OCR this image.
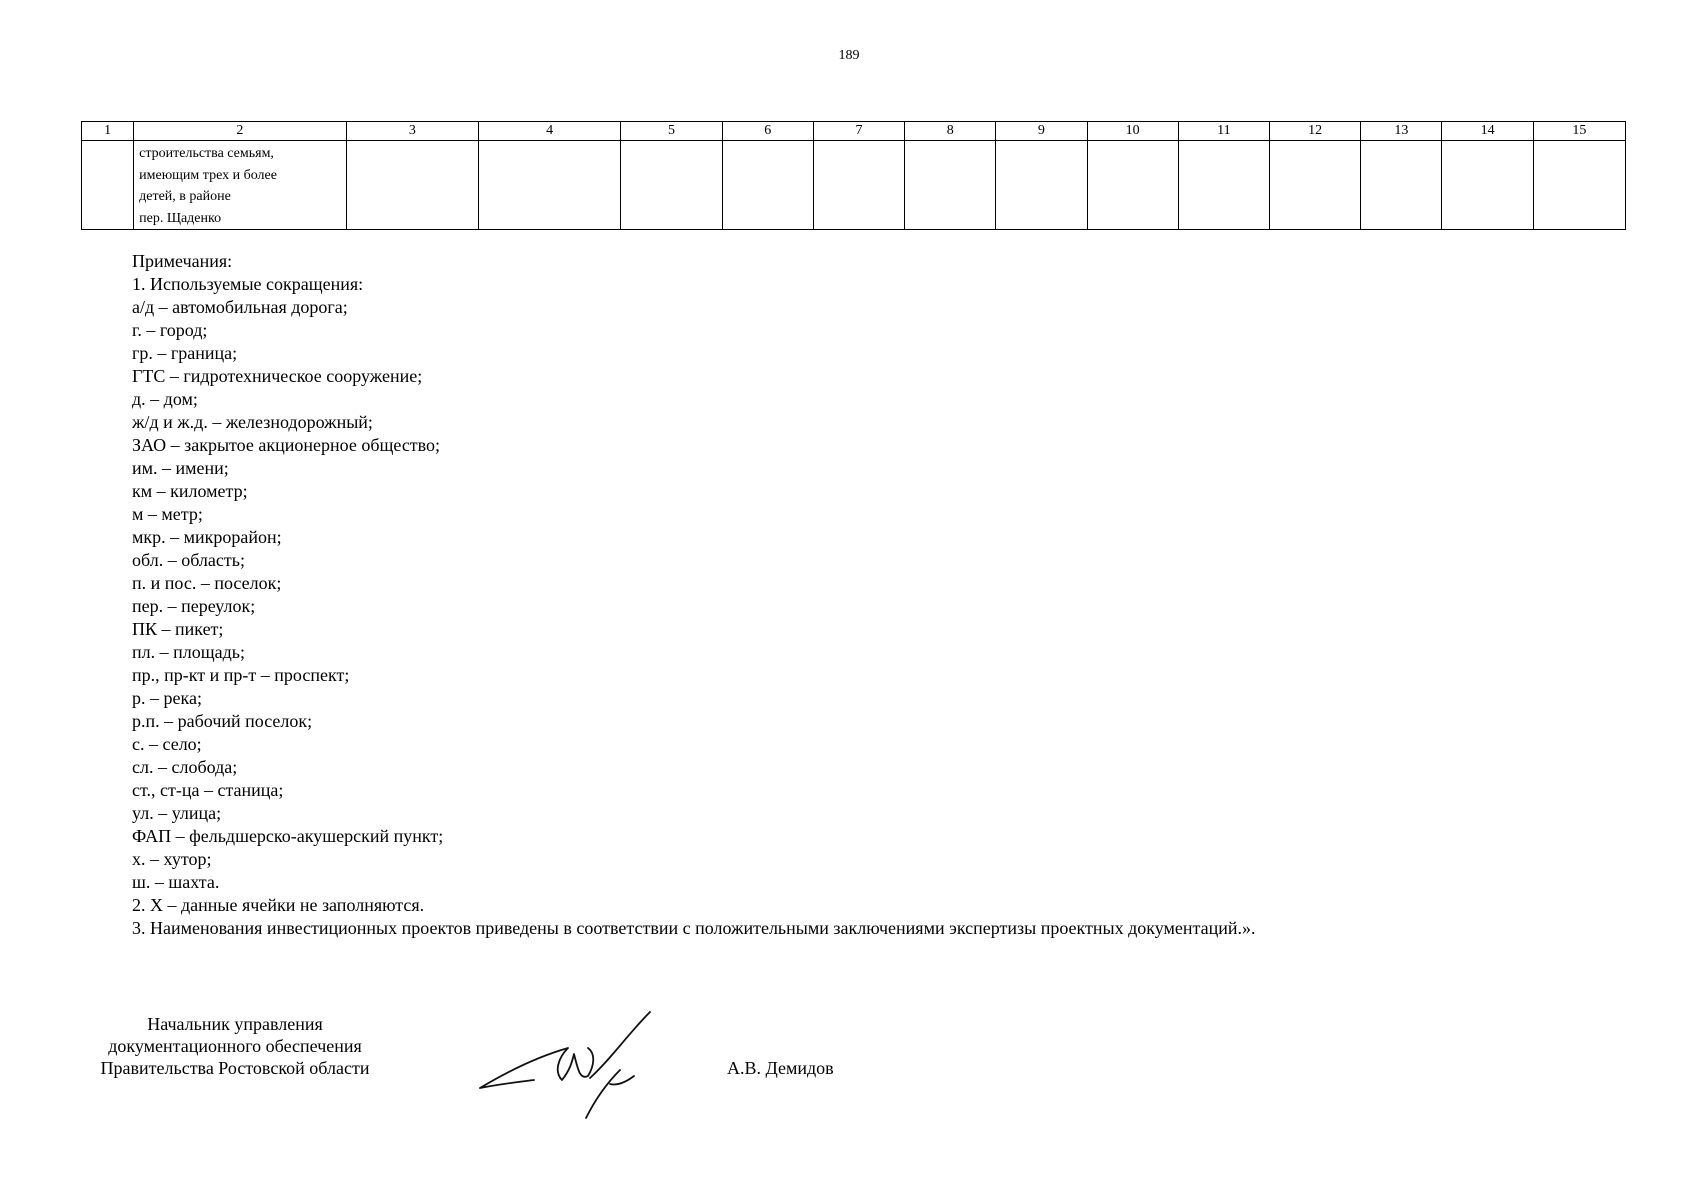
189
1	2	3	4	5	6	7	8	9	10	11	12	13	14	15

	строительства семьям,
имеющим трех и более
детей, в районе
пер. Щаденко													

Примечания:
1. Используемые сокращения:
а/д – автомобильная дорога;
г. – город;
гр. – граница;
ГТС – гидротехническое сооружение;
д. – дом;
ж/д и ж.д. – железнодорожный;
ЗАО – закрытое акционерное общество;
им. – имени;
км – километр;
м – метр;
мкр. – микрорайон;
обл. – область;
п. и пос. – поселок;
пер. – переулок;
ПК – пикет;
пл. – площадь;
пр., пр-кт и пр-т – проспект;
р. – река;
р.п. – рабочий поселок;
с. – село;
сл. – слобода;
ст., ст-ца – станица;
ул. – улица;
ФАП – фельдшерско-акушерский пункт;
х. – хутор;
ш. – шахта.
2. Х – данные ячейки не заполняются.
3. Наименования инвестиционных проектов приведены в соответствии с положительными заключениями экспертизы проектных документаций.».
Начальник управления
документационного обеспечения
Правительства Ростовской области	А.В. Демидов
